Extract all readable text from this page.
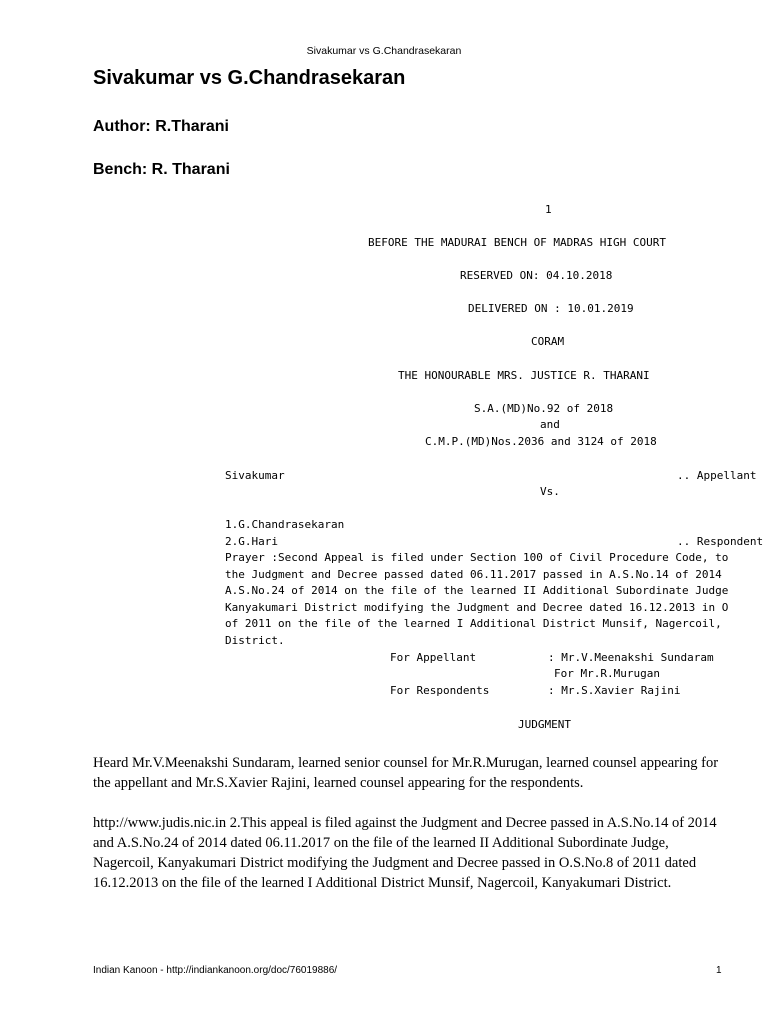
Sivakumar vs G.Chandrasekaran
Sivakumar vs G.Chandrasekaran
Author: R.Tharani
Bench: R. Tharani
1
BEFORE THE MADURAI BENCH OF MADRAS HIGH COURT
RESERVED ON: 04.10.2018
DELIVERED ON : 10.01.2019
CORAM
THE HONOURABLE MRS. JUSTICE R. THARANI
S.A.(MD)No.92 of 2018
and
C.M.P.(MD)Nos.2036 and 3124 of 2018
Sivakumar	.. Appellant
Vs.
1.G.Chandrasekaran
2.G.Hari	.. Respondent
Prayer :Second Appeal is filed under Section 100 of Civil Procedure Code, to
the Judgment and Decree passed dated 06.11.2017 passed in A.S.No.14 of 2014
A.S.No.24 of 2014 on the file of the learned II Additional Subordinate Judge
Kanyakumari District modifying the Judgment and Decree dated 16.12.2013 in O
of 2011 on the file of the learned I Additional District Munsif, Nagercoil,
District.
For Appellant	: Mr.V.Meenakshi Sundaram
For Mr.R.Murugan
For Respondents	: Mr.S.Xavier Rajini
JUDGMENT
Heard Mr.V.Meenakshi Sundaram, learned senior counsel for Mr.R.Murugan, learned counsel appearing for the appellant and Mr.S.Xavier Rajini, learned counsel appearing for the respondents.
http://www.judis.nic.in 2.This appeal is filed against the Judgment and Decree passed in A.S.No.14 of 2014 and A.S.No.24 of 2014 dated 06.11.2017 on the file of the learned II Additional Subordinate Judge, Nagercoil, Kanyakumari District modifying the Judgment and Decree passed in O.S.No.8 of 2011 dated 16.12.2013 on the file of the learned I Additional District Munsif, Nagercoil, Kanyakumari District.
Indian Kanoon - http://indiankanoon.org/doc/76019886/	1
